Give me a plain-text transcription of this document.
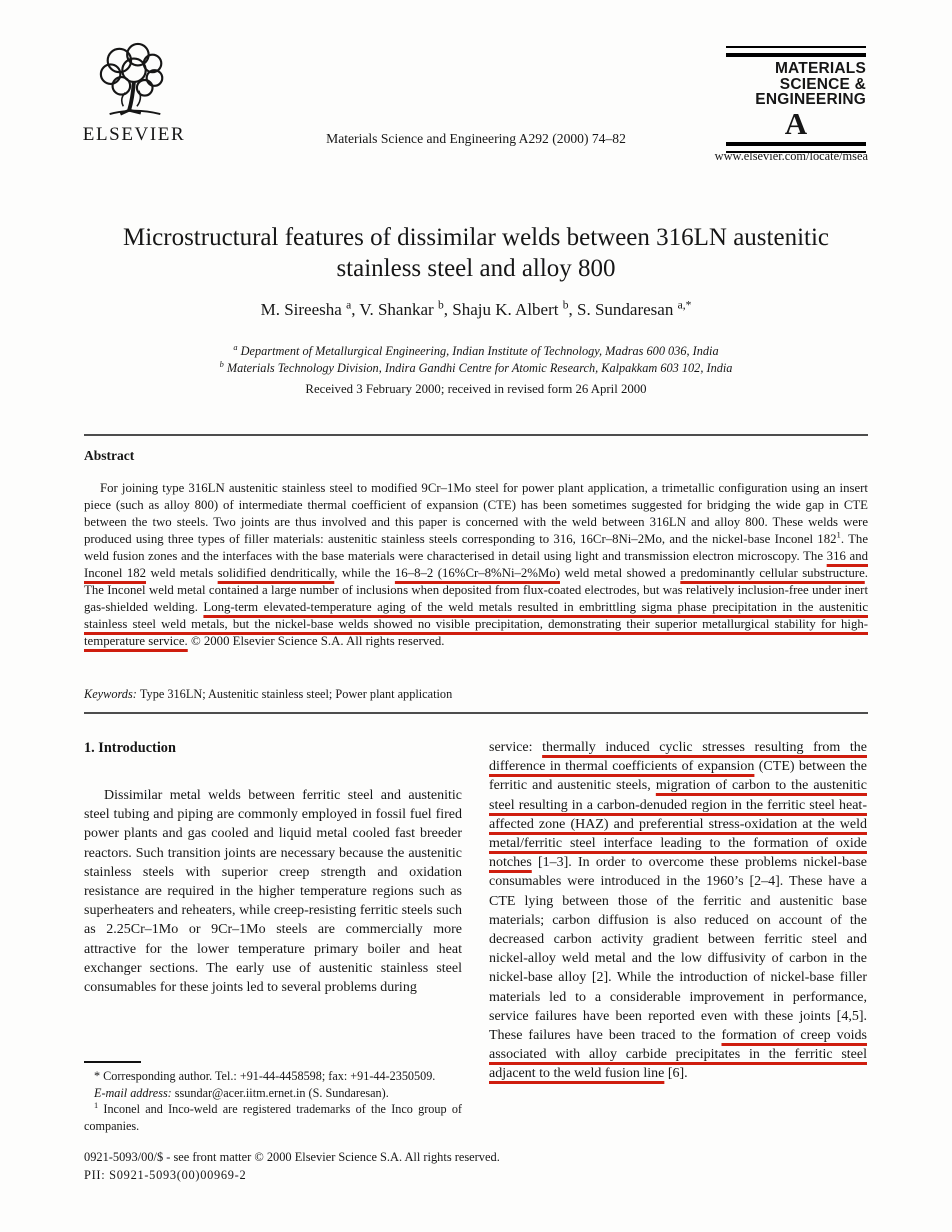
ELSEVIER	Materials Science and Engineering A292 (2000) 74–82
MATERIALS
SCIENCE &
ENGINEERING
A
www.elsevier.com/locate/msea
Microstructural features of dissimilar welds between 316LN austenitic stainless steel and alloy 800
M. Sireesha $^a$, V. Shankar $^b$, Shaju K. Albert $^b$, S. Sundaresan $^{a,*}$
$^a$ Department of Metallurgical Engineering, Indian Institute of Technology, Madras 600 036, India
$^b$ Materials Technology Division, Indira Gandhi Centre for Atomic Research, Kalpakkam 603 102, India
Received 3 February 2000; received in revised form 26 April 2000
Abstract

For joining type 316LN austenitic stainless steel to modified 9Cr–1Mo steel for power plant application, a trimetallic configuration using an insert piece (such as alloy 800) of intermediate thermal coefficient of expansion (CTE) has been sometimes suggested for bridging the wide gap in CTE between the two steels. Two joints are thus involved and this paper is concerned with the weld between 316LN and alloy 800. These welds were produced using three types of filler materials: austenitic stainless steels corresponding to 316, 16Cr–8Ni–2Mo, and the nickel-base Inconel $182^1$. The weld fusion zones and the interfaces with the base materials were characterised in detail using light and transmission electron microscopy. The 316 and Inconel 182 weld metals solidified dendritically, while the 16–8–2 (16%Cr–8%Ni–2%Mo) weld metal showed a predominantly cellular substructure. The Inconel weld metal contained a large number of inclusions when deposited from flux-coated electrodes, but was relatively inclusion-free under inert gas-shielded welding. Long-term elevated-temperature aging of the weld metals resulted in embrittling sigma phase precipitation in the austenitic stainless steel weld metals, but the nickel-base welds showed no visible precipitation, demonstrating their superior metallurgical stability for high-temperature service. © 2000 Elsevier Science S.A. All rights reserved.

Keywords: Type 316LN; Austenitic stainless steel; Power plant application

1. Introduction

Dissimilar metal welds between ferritic steel and austenitic steel tubing and piping are commonly employed in fossil fuel fired power plants and gas cooled and liquid metal cooled fast breeder reactors. Such transition joints are necessary because the austenitic stainless steels with superior creep strength and oxidation resistance are required in the higher temperature regions such as superheaters and reheaters, while creep-resisting ferritic steels such as 2.25Cr–1Mo or 9Cr–1Mo steels are commercially more attractive for the lower temperature primary boiler and heat exchanger sections. The early use of austenitic stainless steel consumables for these joints led to several problems during

* Corresponding author. Tel.: +91-44-4458598; fax: +91-44-2350509.

E-mail address: ssundar@acer.iitm.ernet.in (S. Sundaresan).

$^1$ Inconel and Inco-weld are registered trademarks of the Inco group of companies.

service: thermally induced cyclic stresses resulting from the difference in thermal coefficients of expansion (CTE) between the ferritic and austenitic steels, migration of carbon to the austenitic steel resulting in a carbon-denuded region in the ferritic steel heat-affected zone (HAZ) and preferential stress-oxidation at the weld metal/ferritic steel interface leading to the formation of oxide notches [1–3]. In order to overcome these problems nickel-base consumables were introduced in the 1960’s [2–4]. These have a CTE lying between those of the ferritic and austenitic base materials; carbon diffusion is also reduced on account of the decreased carbon activity gradient between ferritic steel and nickel-alloy weld metal and the low diffusivity of carbon in the nickel-base alloy [2]. While the introduction of nickel-base filler materials led to a considerable improvement in performance, service failures have been reported even with these joints [4,5]. These failures have been traced to the formation of creep voids associated with alloy carbide precipitates in the ferritic steel adjacent to the weld fusion line [6].

0921-5093/00/$ - see front matter © 2000 Elsevier Science S.A. All rights reserved.
PII: S0921-5093(00)00969-2
